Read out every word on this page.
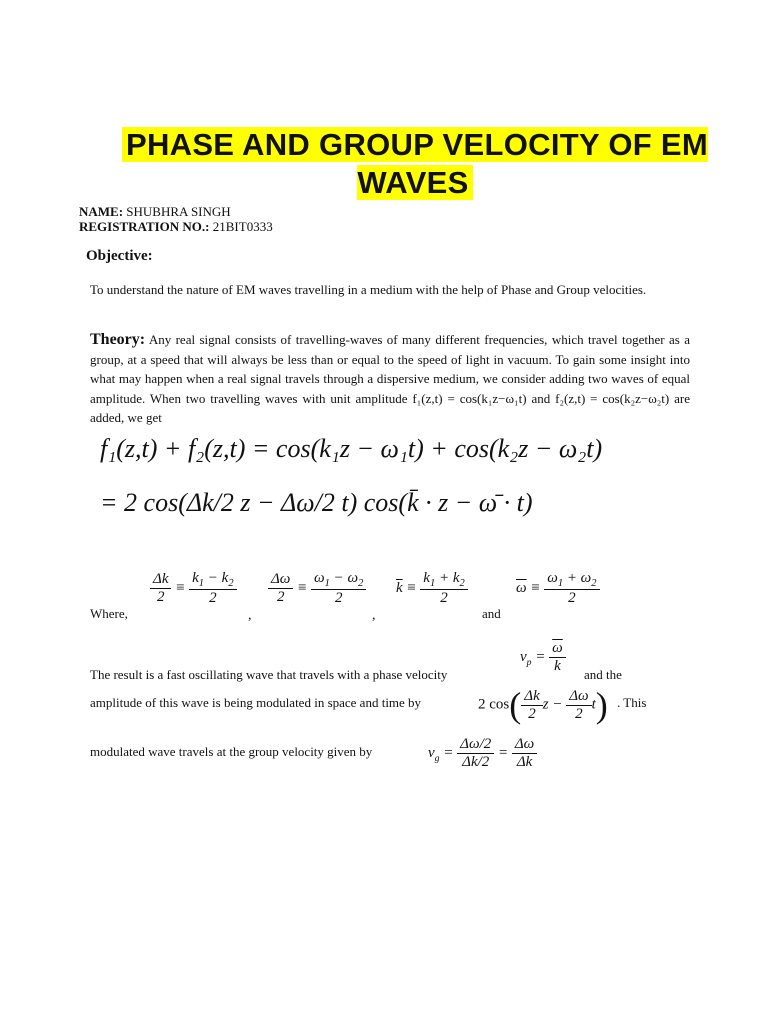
PHASE AND GROUP VELOCITY OF EM WAVES
NAME: SHUBHRA SINGH
REGISTRATION NO.: 21BIT0333
Objective:
To understand the nature of EM waves travelling in a medium with the help of Phase and Group velocities.
Theory: Any real signal consists of travelling-waves of many different frequencies, which travel together as a group, at a speed that will always be less than or equal to the speed of light in vacuum. To gain some insight into what may happen when a real signal travels through a dispersive medium, we consider adding two waves of equal amplitude. When two travelling waves with unit amplitude f₁(z,t) = cos(k₁z−ω₁t) and f₂(z,t) = cos(k₂z−ω₂t) are added, we get
f₁(z,t) + f₂(z,t) = cos(k₁z − ω₁t) + cos(k₂z − ω₂t)
= 2 cos(Δk/2 z − Δω/2 t) cos(k̄ · z − ω̄ · t)
Where,
$\frac{\Delta k}{2} \equiv \frac{k_1 - k_2}{2}$
,
$\frac{\Delta\omega}{2} \equiv \frac{\omega_1 - \omega_2}{2}$
,
$\overline{k} \equiv \frac{k_1 + k_2}{2}$
and
$\overline{\omega} \equiv \frac{\omega_1 + \omega_2}{2}$
The result is a fast oscillating wave that travels with a phase velocity
$v_p = \frac{\overline{\omega}}{k}$ and the
amplitude of this wave is being modulated in space and time by	2 $\cos( \frac{\Delta k}{2}$ $z - \frac{\Delta\omega}{2} t$) . This
modulated wave travels at the group velocity given by	$v_g = \frac{\Delta\omega/2}{\Delta k/2} = \frac{\Delta\omega}{\Delta k}$
